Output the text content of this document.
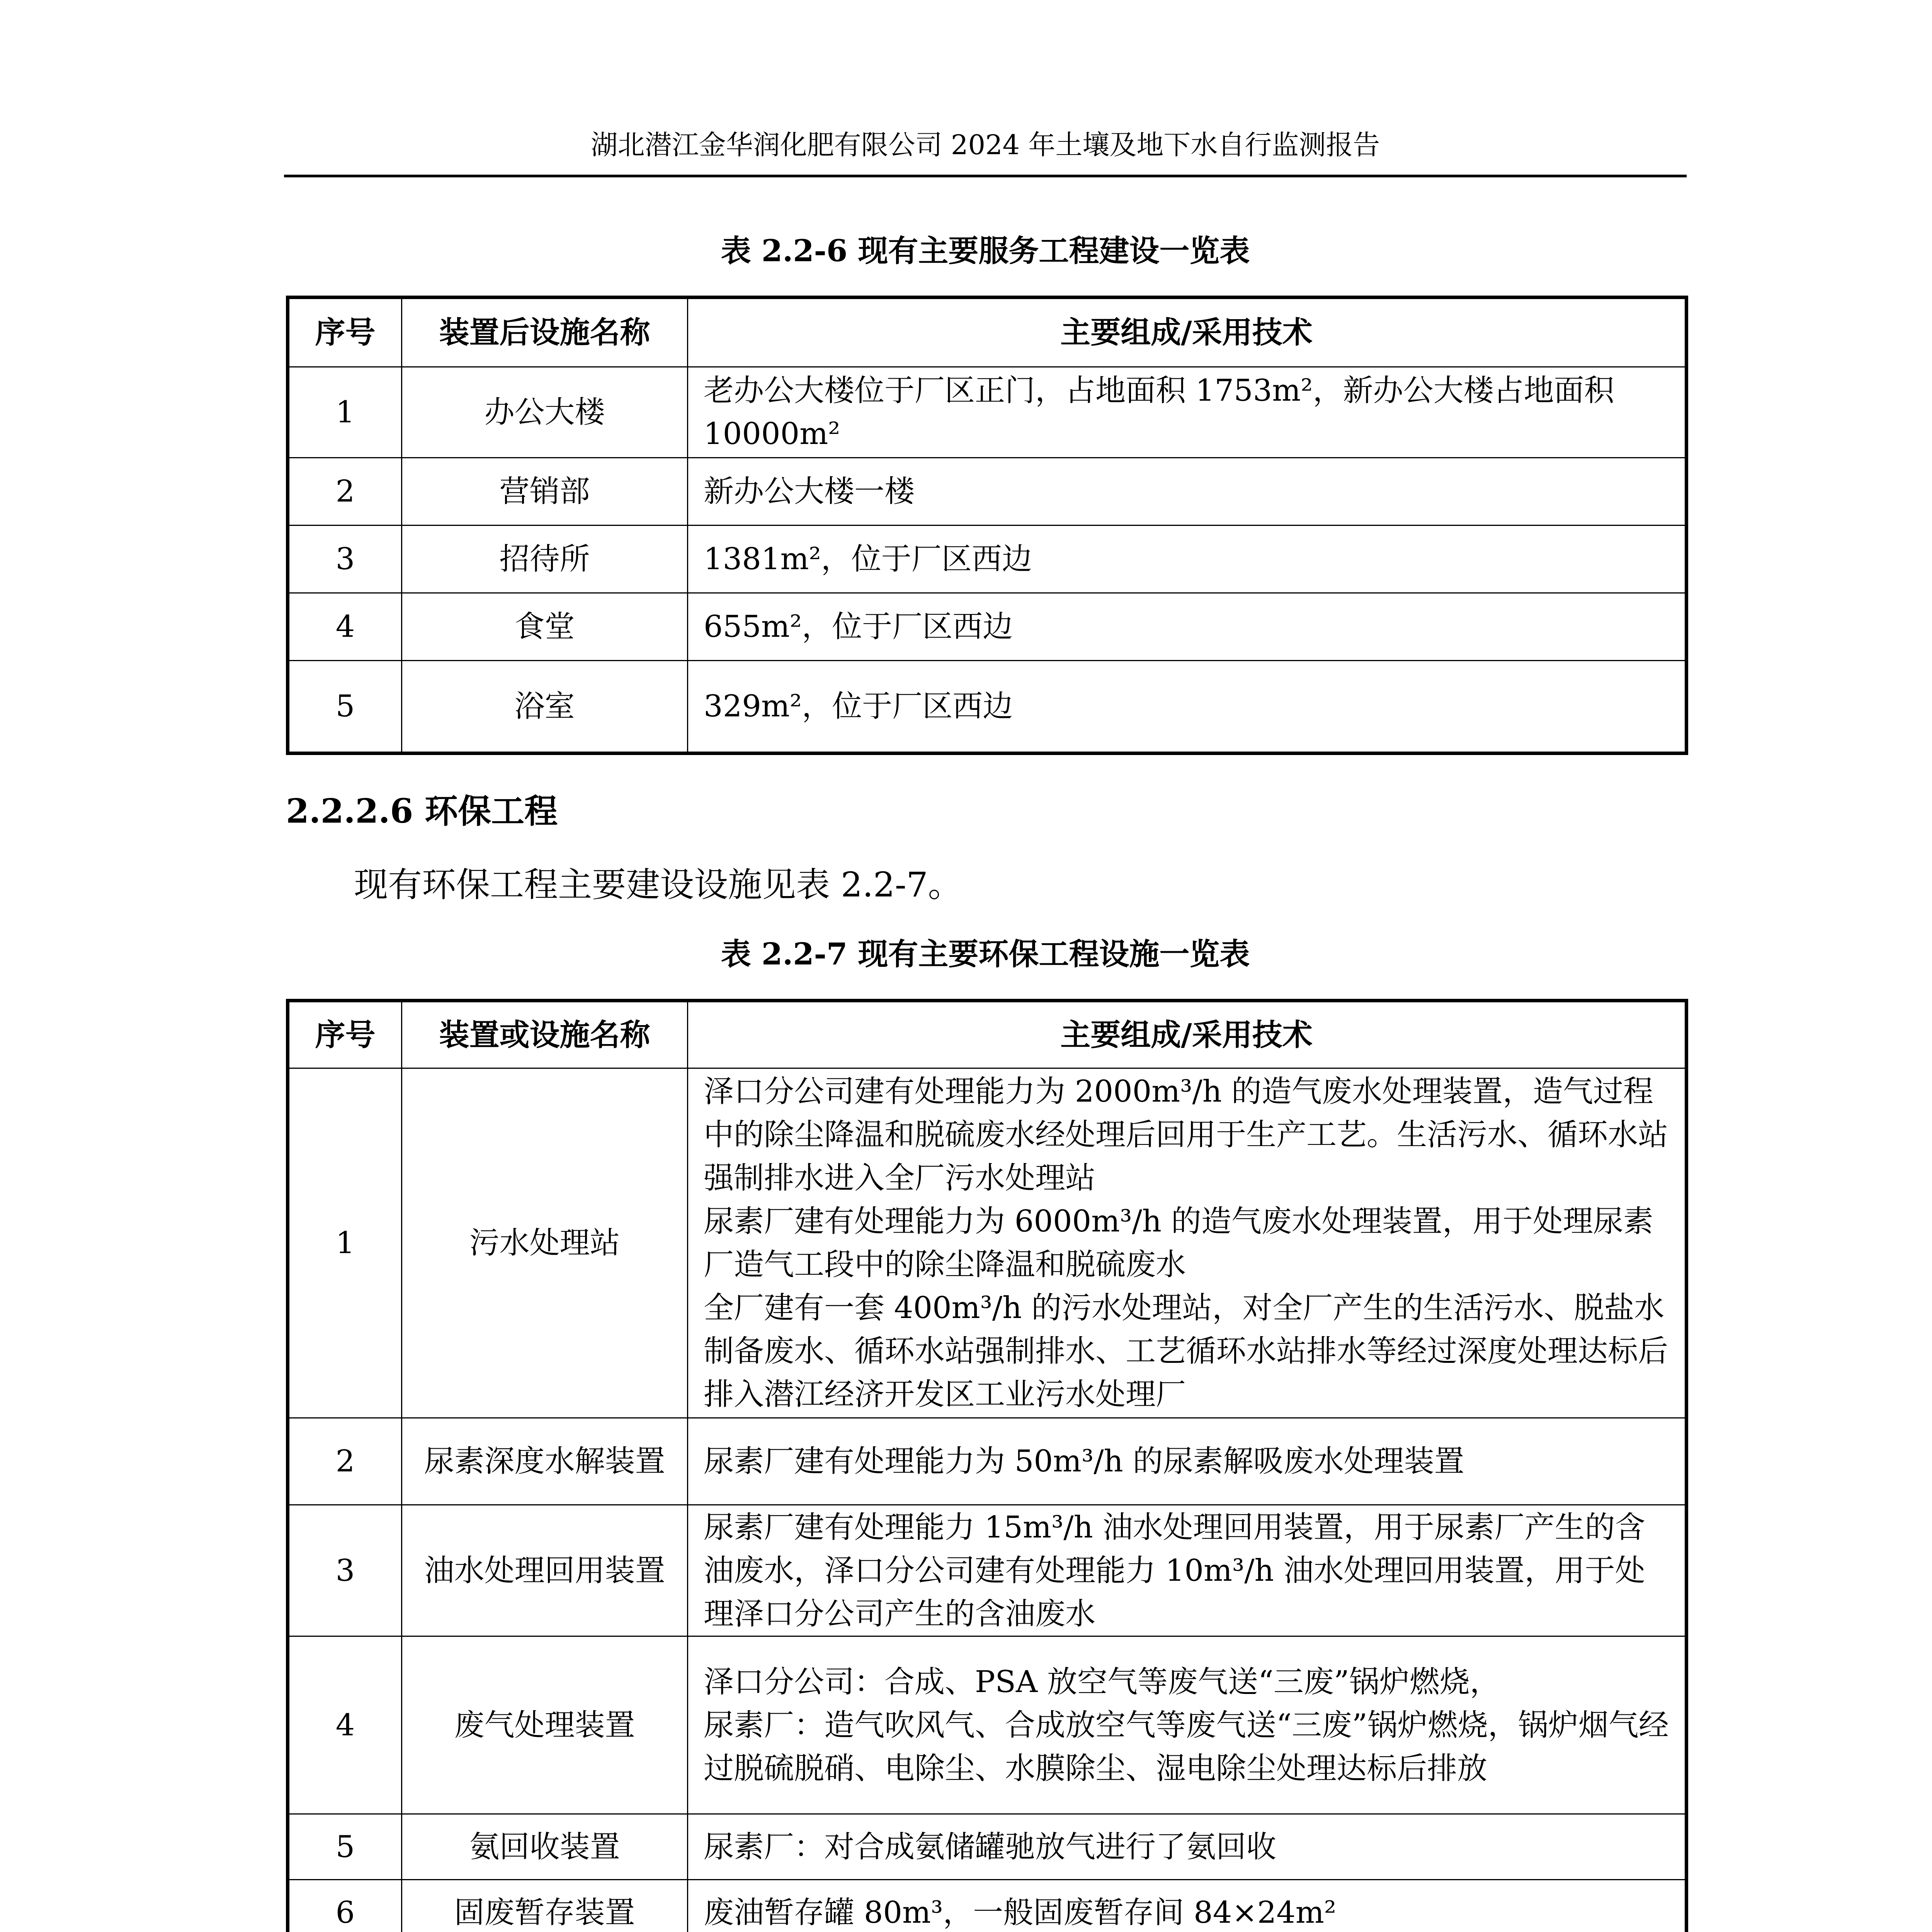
湖北潜江金华润化肥有限公司 2024 年土壤及地下水自行监测报告
表 2.2-6 现有主要服务工程建设一览表
序号	装置后设施名称	主要组成/采用技术
1	办公大楼	老办公大楼位于厂区正门，占地面积 1753m²，新办公大楼占地面积 10000m²
2	营销部	新办公大楼一楼
3	招待所	1381m²，位于厂区西边
4	食堂	655m²，位于厂区西边
5	浴室	329m²，位于厂区西边
2.2.2.6 环保工程
现有环保工程主要建设设施见表 2.2-7。
表 2.2-7 现有主要环保工程设施一览表
序号	装置或设施名称	主要组成/采用技术
1	污水处理站	泽口分公司建有处理能力为 2000m³/h 的造气废水处理装置，造气过程中的除尘降温和脱硫废水经处理后回用于生产工艺。生活污水、循环水站强制排水进入全厂污水处理站
尿素厂建有处理能力为 6000m³/h 的造气废水处理装置，用于处理尿素厂造气工段中的除尘降温和脱硫废水
全厂建有一套 400m³/h 的污水处理站，对全厂产生的生活污水、脱盐水制备废水、循环水站强制排水、工艺循环水站排水等经过深度处理达标后排入潜江经济开发区工业污水处理厂
2	尿素深度水解装置	尿素厂建有处理能力为 50m³/h 的尿素解吸废水处理装置
3	油水处理回用装置	尿素厂建有处理能力 15m³/h 油水处理回用装置，用于尿素厂产生的含油废水，泽口分公司建有处理能力 10m³/h 油水处理回用装置，用于处理泽口分公司产生的含油废水
4	废气处理装置	泽口分公司：合成、PSA 放空气等废气送“三废”锅炉燃烧，
尿素厂：造气吹风气、合成放空气等废气送“三废”锅炉燃烧，锅炉烟气经过脱硫脱硝、电除尘、水膜除尘、湿电除尘处理达标后排放
5	氨回收装置	尿素厂：对合成氨储罐驰放气进行了氨回收
6	固废暂存装置	废油暂存罐 80m³，一般固废暂存间 84×24m²
